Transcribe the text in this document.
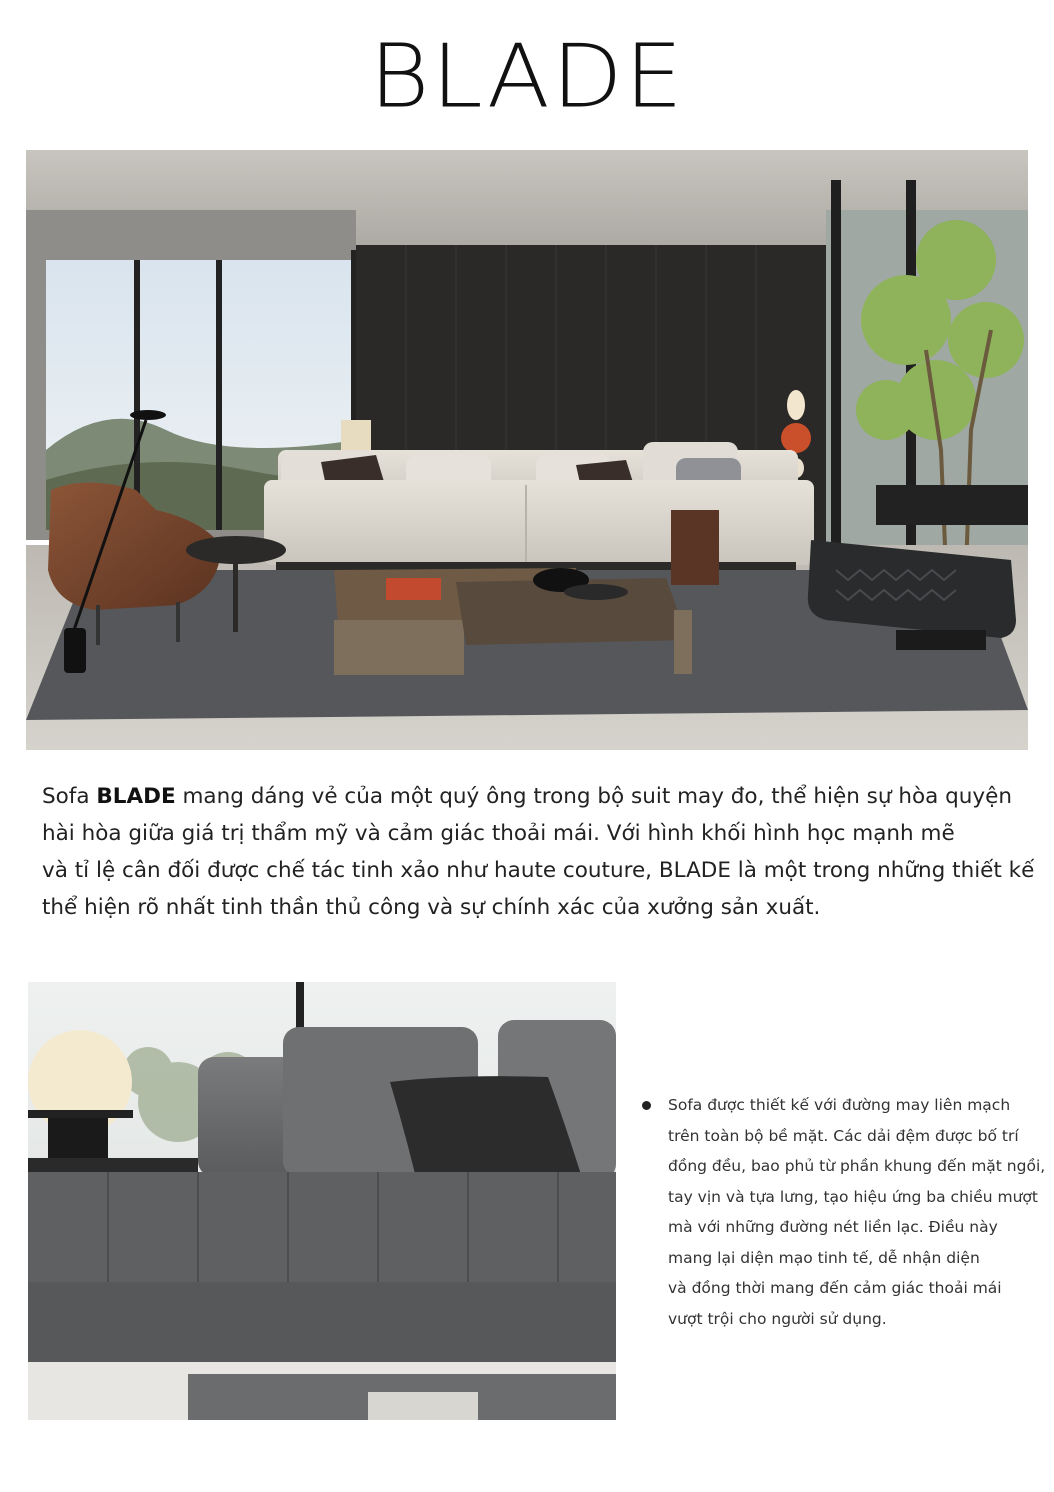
BLADE
Sofa BLADE mang dáng vẻ của một quý ông trong bộ suit may đo, thể hiện sự hòa quyện
hài hòa giữa giá trị thẩm mỹ và cảm giác thoải mái. Với hình khối hình học mạnh mẽ
và tỉ lệ cân đối được chế tác tinh xảo như haute couture, BLADE là một trong những thiết kế
thể hiện rõ nhất tinh thần thủ công và sự chính xác của xưởng sản xuất.
Sofa được thiết kế với đường may liên mạch
trên toàn bộ bề mặt. Các dải đệm được bố trí
đồng đều, bao phủ từ phần khung đến mặt ngồi,
tay vịn và tựa lưng, tạo hiệu ứng ba chiều mượt
mà với những đường nét liền lạc. Điều này
mang lại diện mạo tinh tế, dễ nhận diện
và đồng thời mang đến cảm giác thoải mái
vượt trội cho người sử dụng.
